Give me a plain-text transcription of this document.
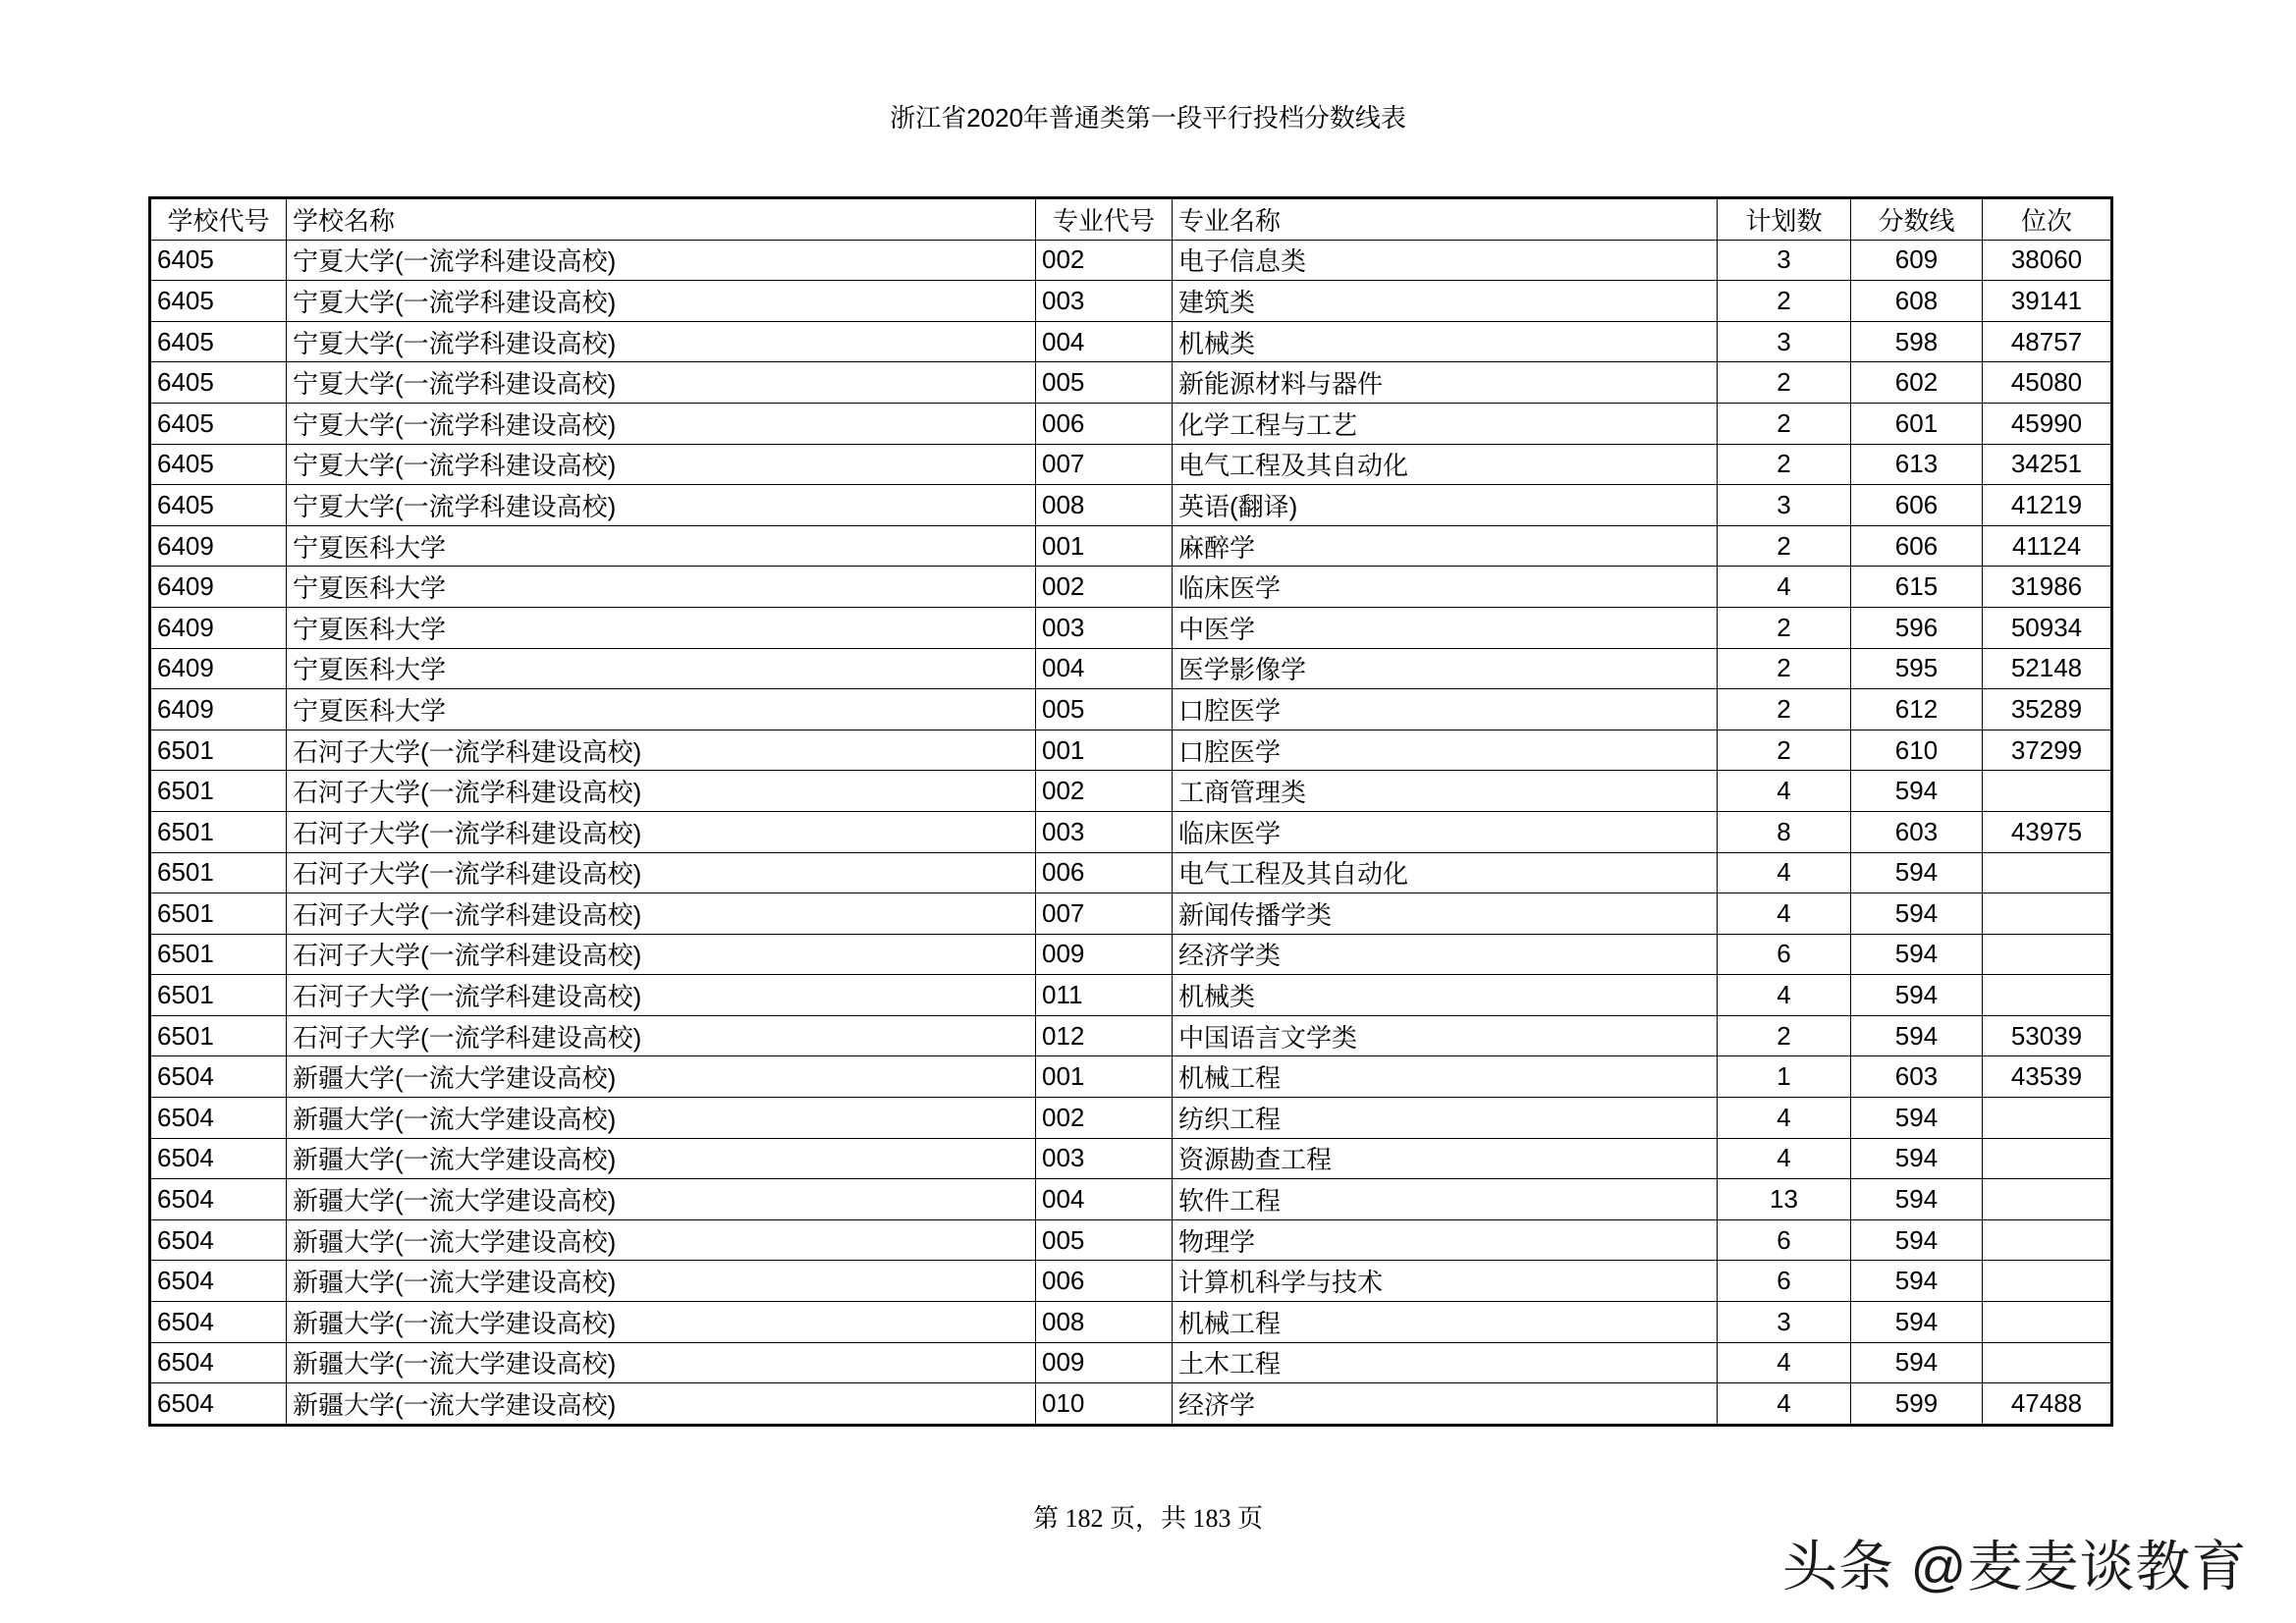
浙江省2020年普通类第一段平行投档分数线表
学校代号	学校名称	专业代号	专业名称	计划数	分数线	位次
6405	宁夏大学(一流学科建设高校)	002	电子信息类	3	609	38060
6405	宁夏大学(一流学科建设高校)	003	建筑类	2	608	39141
6405	宁夏大学(一流学科建设高校)	004	机械类	3	598	48757
6405	宁夏大学(一流学科建设高校)	005	新能源材料与器件	2	602	45080
6405	宁夏大学(一流学科建设高校)	006	化学工程与工艺	2	601	45990
6405	宁夏大学(一流学科建设高校)	007	电气工程及其自动化	2	613	34251
6405	宁夏大学(一流学科建设高校)	008	英语(翻译)	3	606	41219
6409	宁夏医科大学	001	麻醉学	2	606	41124
6409	宁夏医科大学	002	临床医学	4	615	31986
6409	宁夏医科大学	003	中医学	2	596	50934
6409	宁夏医科大学	004	医学影像学	2	595	52148
6409	宁夏医科大学	005	口腔医学	2	612	35289
6501	石河子大学(一流学科建设高校)	001	口腔医学	2	610	37299
6501	石河子大学(一流学科建设高校)	002	工商管理类	4	594	
6501	石河子大学(一流学科建设高校)	003	临床医学	8	603	43975
6501	石河子大学(一流学科建设高校)	006	电气工程及其自动化	4	594	
6501	石河子大学(一流学科建设高校)	007	新闻传播学类	4	594	
6501	石河子大学(一流学科建设高校)	009	经济学类	6	594	
6501	石河子大学(一流学科建设高校)	011	机械类	4	594	
6501	石河子大学(一流学科建设高校)	012	中国语言文学类	2	594	53039
6504	新疆大学(一流大学建设高校)	001	机械工程	1	603	43539
6504	新疆大学(一流大学建设高校)	002	纺织工程	4	594	
6504	新疆大学(一流大学建设高校)	003	资源勘查工程	4	594	
6504	新疆大学(一流大学建设高校)	004	软件工程	13	594	
6504	新疆大学(一流大学建设高校)	005	物理学	6	594	
6504	新疆大学(一流大学建设高校)	006	计算机科学与技术	6	594	
6504	新疆大学(一流大学建设高校)	008	机械工程	3	594	
6504	新疆大学(一流大学建设高校)	009	土木工程	4	594	
6504	新疆大学(一流大学建设高校)	010	经济学	4	599	47488
第 182 页，共 183 页
头条 @麦麦谈教育
